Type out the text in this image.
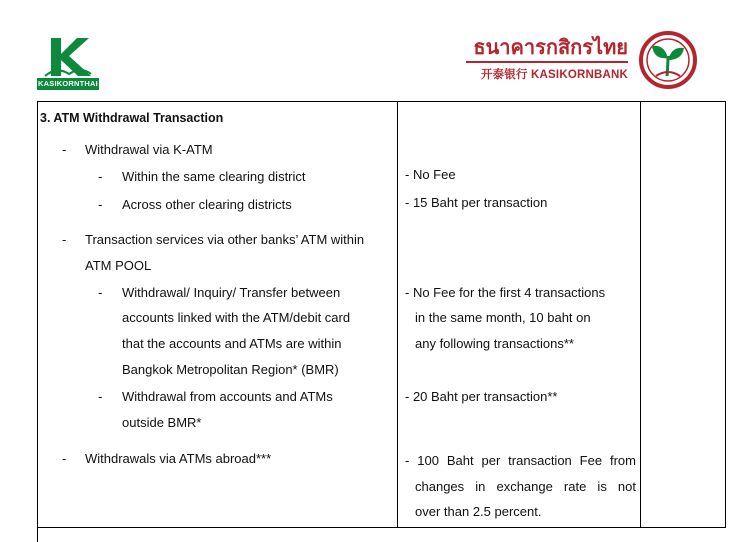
KASIKORNTHAI
ธนาคารกสิกรไทย
开泰银行 KASIKORNBANK
3. ATM Withdrawal Transaction
- Withdrawal via K-ATM
- Within the same clearing district
- Across other clearing districts
- Transaction services via other banks’ ATM within
ATM POOL
- Withdrawal/ Inquiry/ Transfer between
accounts linked with the ATM/debit card
that the accounts and ATMs are within
Bangkok Metropolitan Region* (BMR)
- Withdrawal from accounts and ATMs
outside BMR*
- Withdrawals via ATMs abroad***
- No Fee
- 15 Baht per transaction
- No Fee for the first 4 transactions
in the same month, 10 baht on
any following transactions**
- 20 Baht per transaction**
- 100 Baht per transaction Fee from
changes in exchange rate is not
over than 2.5 percent.
